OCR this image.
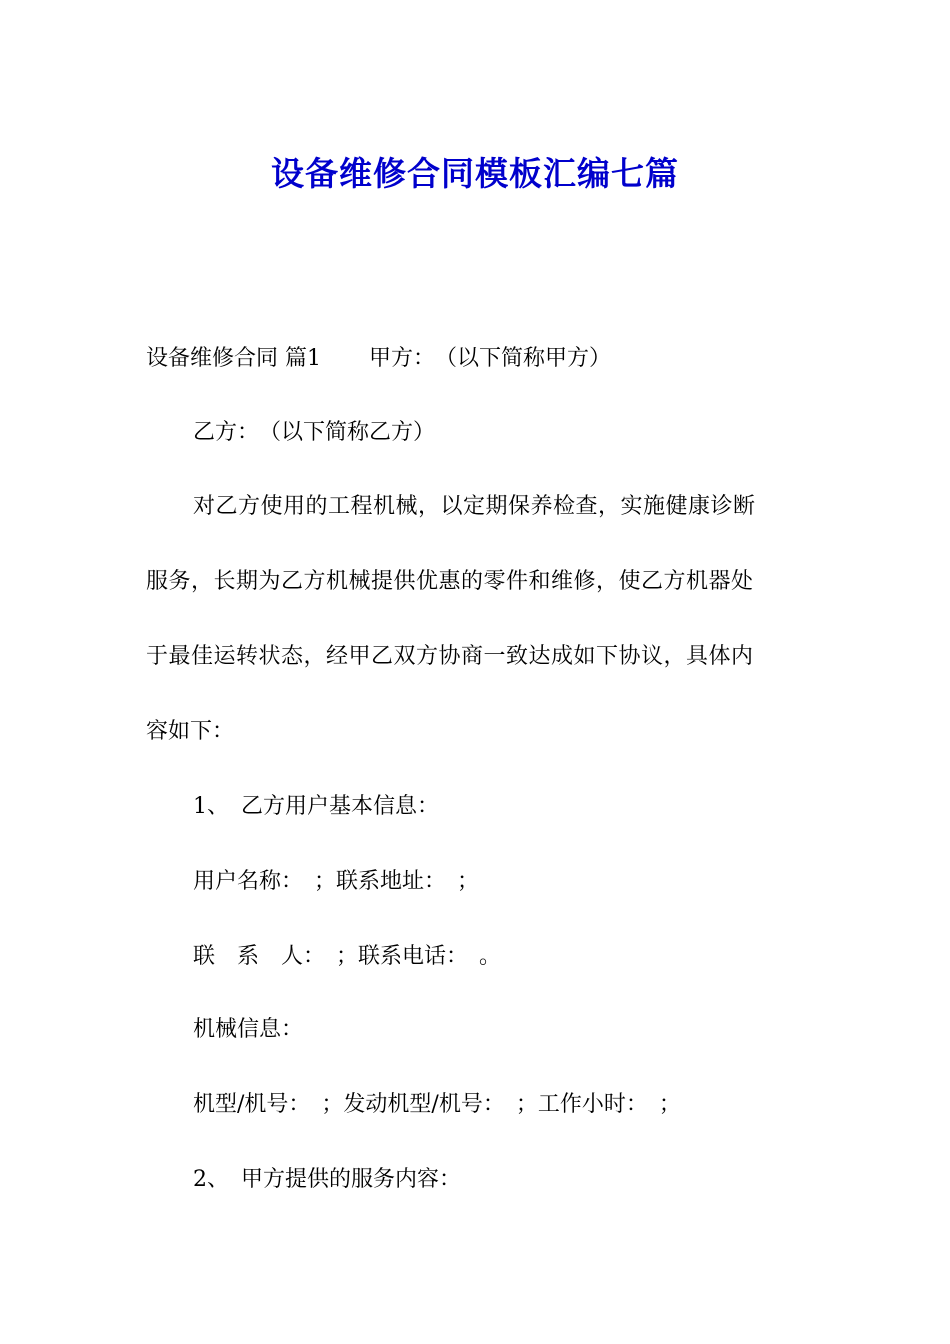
设备维修合同模板汇编七篇
设备维修合同 篇1 甲方：　（以下简称甲方）
乙方：　（以下简称乙方）
对乙方使用的工程机械，以定期保养检查，实施健康诊断
服务，长期为乙方机械提供优惠的零件和维修，使乙方机器处
于最佳运转状态，经甲乙双方协商一致达成如下协议，具体内
容如下：
1、 乙方用户基本信息：
用户名称：　；联系地址：　；
联　系　人：　；联系电话：　。
机械信息：
机型/机号：　；发动机型/机号：　；工作小时：　；
2、 甲方提供的服务内容：
